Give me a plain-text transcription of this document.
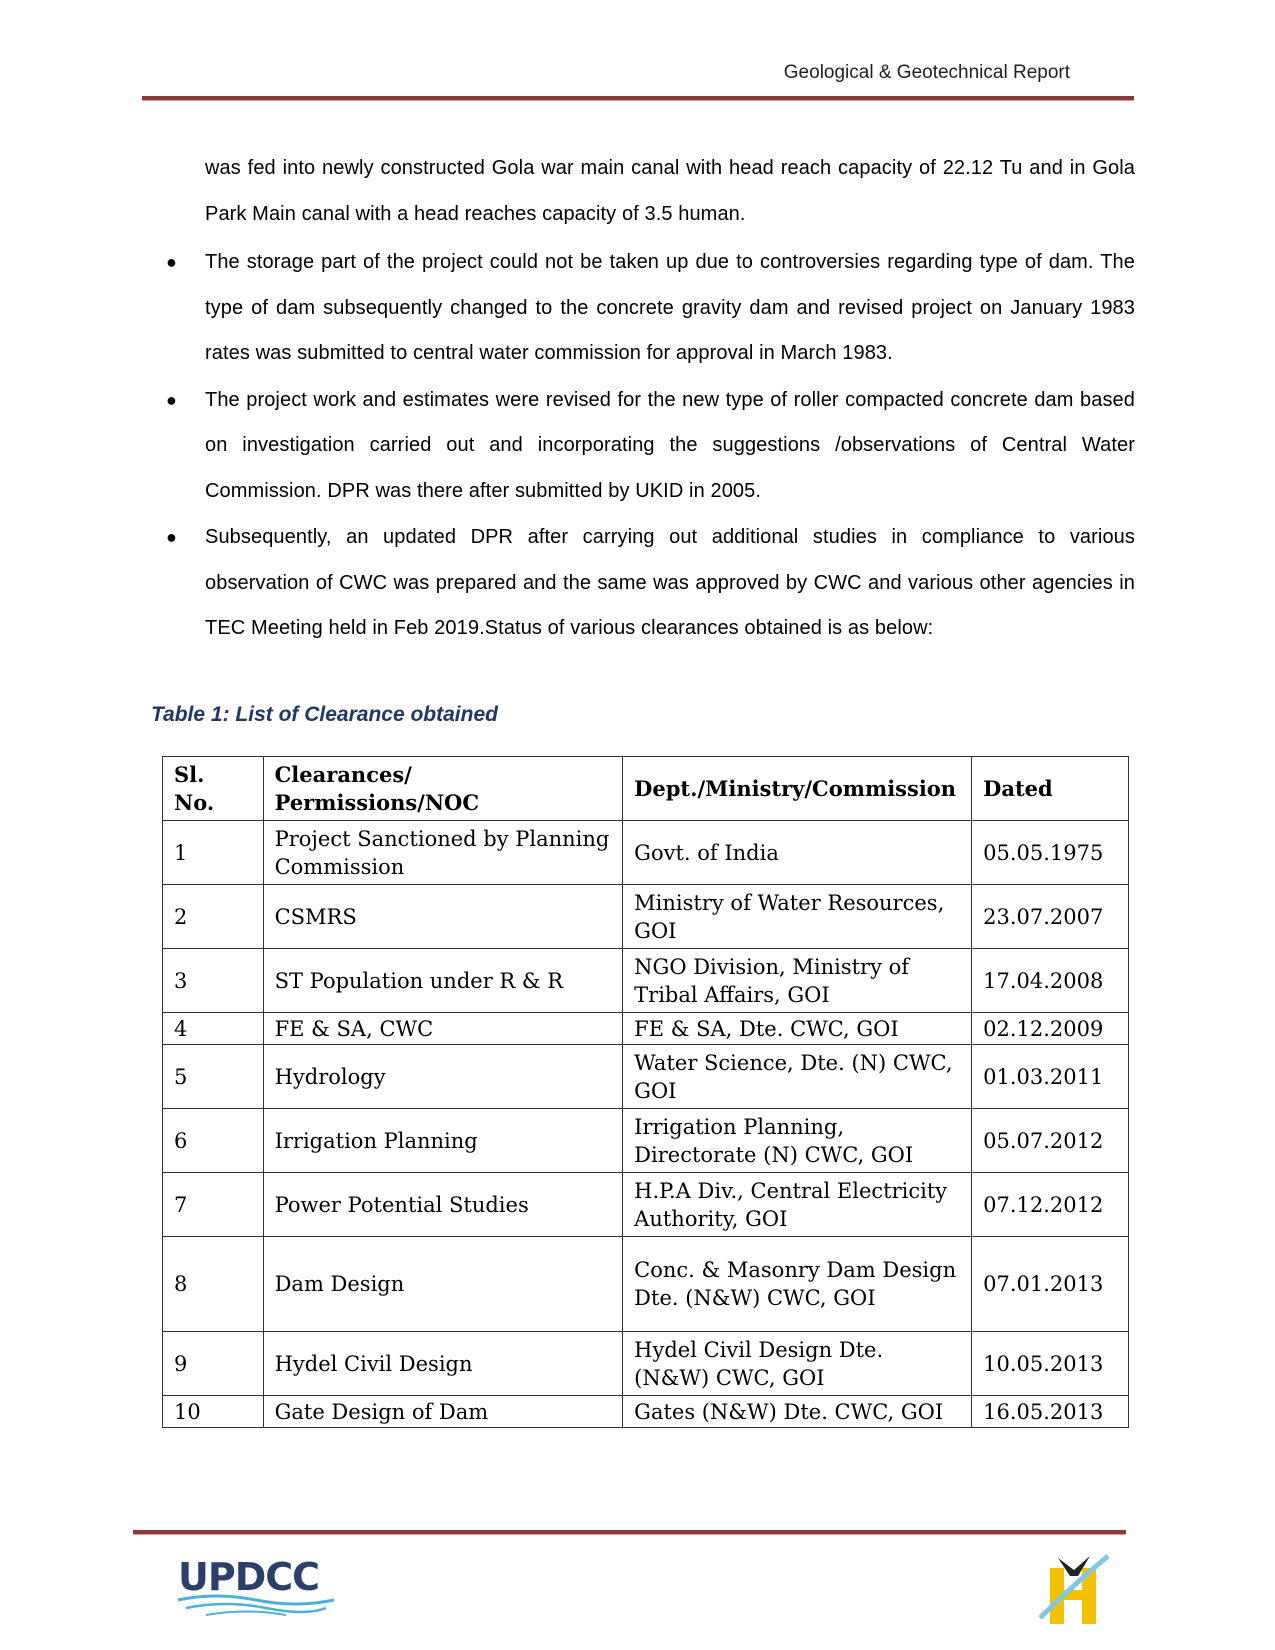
Geological & Geotechnical Report

was fed into newly constructed Gola war main canal with head reach capacity of 22.12 Tu and in Gola Park Main canal with a head reaches capacity of 3.5 human.

● The storage part of the project could not be taken up due to controversies regarding type of dam. The type of dam subsequently changed to the concrete gravity dam and revised project on January 1983 rates was submitted to central water commission for approval in March 1983.
● The project work and estimates were revised for the new type of roller compacted concrete dam based on investigation carried out and incorporating the suggestions /observations of Central Water Commission. DPR was there after submitted by UKID in 2005.
● Subsequently, an updated DPR after carrying out additional studies in compliance to various observation of CWC was prepared and the same was approved by CWC and various other agencies in TEC Meeting held in Feb 2019.Status of various clearances obtained is as below:
Table 1: List of Clearance obtained
Sl. No.	Clearances/ Permissions/NOC	Dept./Ministry/Commission	Dated
1	Project Sanctioned by Planning Commission	Govt. of India	05.05.1975
2	CSMRS	Ministry of Water Resources, GOI	23.07.2007
3	ST Population under R & R	NGO Division, Ministry of Tribal Affairs, GOI	17.04.2008
4	FE & SA, CWC	FE & SA, Dte. CWC, GOI	02.12.2009
5	Hydrology	Water Science, Dte. (N) CWC, GOI	01.03.2011
6	Irrigation Planning	Irrigation Planning, Directorate (N) CWC, GOI	05.07.2012
7	Power Potential Studies	H.P.A Div., Central Electricity Authority, GOI	07.12.2012
8	Dam Design	Conc. & Masonry Dam Design Dte. (N&W) CWC, GOI	07.01.2013
9	Hydel Civil Design	Hydel Civil Design Dte. (N&W) CWC, GOI	10.05.2013
10	Gate Design of Dam	Gates (N&W) Dte. CWC, GOI	16.05.2013
UPDCC
